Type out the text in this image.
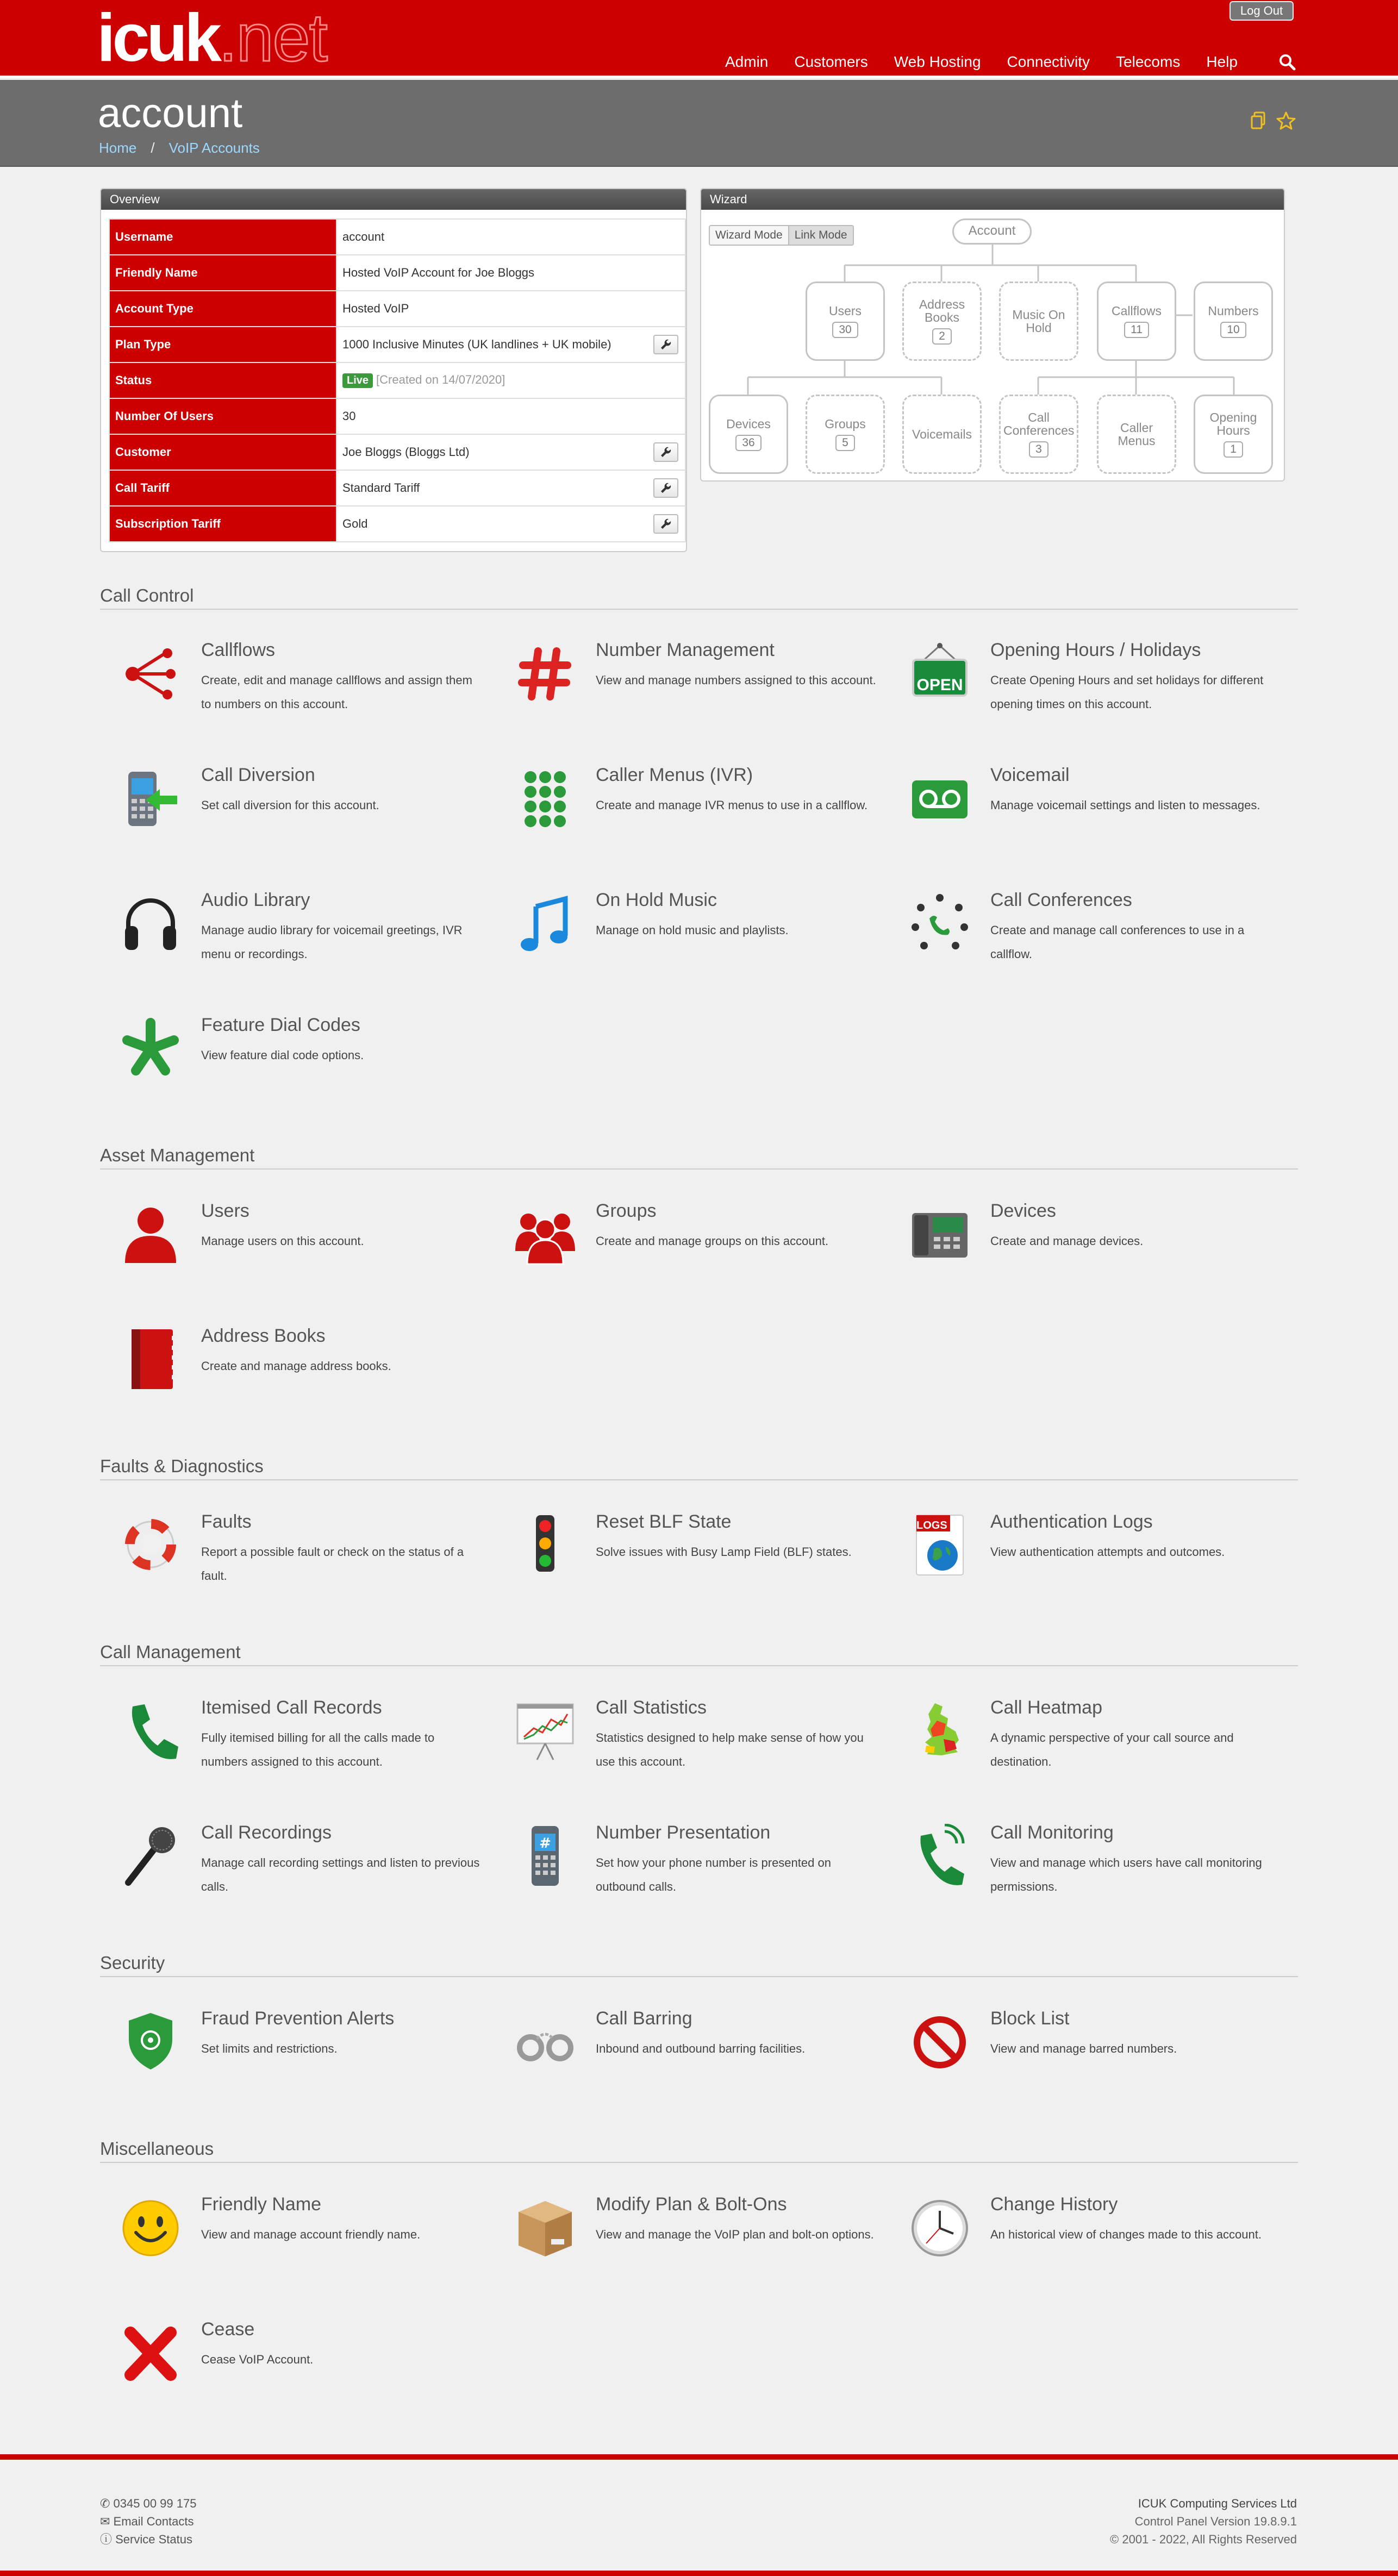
icuk.net	Log Out
Admin Customers Web Hosting Connectivity Telecoms Help
account
Home / VoIP Accounts
Overview
Username	account
Friendly Name	Hosted VoIP Account for Joe Bloggs
Account Type	Hosted VoIP
Plan Type	1000 Inclusive Minutes (UK landlines + UK mobile)

Status	Live [Created on 14/07/2020]
Number Of Users	30
Customer	Joe Bloggs (Bloggs Ltd)

Call Tariff	Standard Tariff

Subscription Tariff	Gold
Wizard
Wizard Mode	Link Mode	Account
Users
30
Address Books
2
Music On Hold
Callflows
11
Numbers
10
Devices
36
Groups
5
Voicemails
Call Conferences
3
Caller Menus
Opening Hours
1
Call Control
Callflows
Create, edit and manage callflows and assign them to numbers on this account.
Number Management
View and manage numbers assigned to this account. OPEN
Opening Hours / Holidays
Create Opening Hours and set holidays for different opening times on this account.
Call Diversion
Set call diversion for this account.
Caller Menus (IVR)
Create and manage IVR menus to use in a callflow.
Voicemail
Manage voicemail settings and listen to messages.
Audio Library
Manage audio library for voicemail greetings, IVR menu or recordings.
On Hold Music
Manage on hold music and playlists.
Call Conferences
Create and manage call conferences to use in a callflow.
Feature Dial Codes
View feature dial code options.
Asset Management
Users
Manage users on this account.
Groups
Create and manage groups on this account.
Devices
Create and manage devices.
Address Books
Create and manage address books.
Faults & Diagnostics
Faults
Report a possible fault or check on the status of a fault.
Reset BLF State
Solve issues with Busy Lamp Field (BLF) states.
LOGS Authentication Logs
View authentication attempts and outcomes.
Call Management
Itemised Call Records
Fully itemised billing for all the calls made to numbers assigned to this account.
Call Statistics
Statistics designed to help make sense of how you use this account.
Call Heatmap
A dynamic perspective of your call source and destination.
Call Recordings
Manage call recording settings and listen to previous calls.
#
Number Presentation
Set how your phone number is presented on outbound calls.
Call Monitoring
View and manage which users have call monitoring permissions.
Security
Fraud Prevention Alerts
Set limits and restrictions.
Call Barring
Inbound and outbound barring facilities.
Block List
View and manage barred numbers.
Miscellaneous
Friendly Name
View and manage account friendly name.
Modify Plan & Bolt-Ons
View and manage the VoIP plan and bolt-on options.
Change History
An historical view of changes made to this account.
Cease
Cease VoIP Account.
✆ 0345 00 99 175
✉ Email Contacts
ⓘ Service Status
ICUK Computing Services Ltd
Control Panel Version 19.8.9.1
© 2001 - 2022, All Rights Reserved
